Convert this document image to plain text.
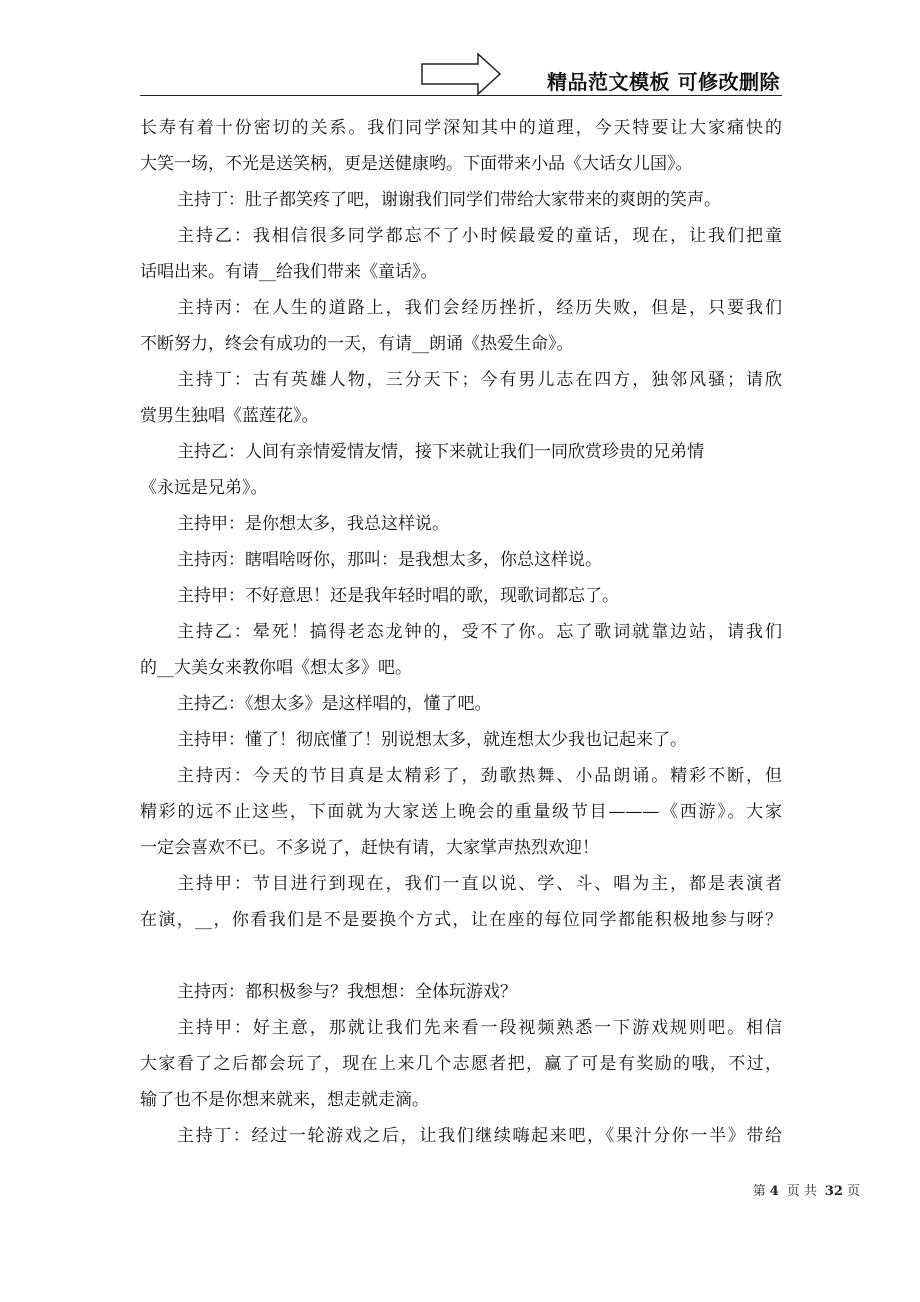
精品范文模板 可修改删除
长寿有着十份密切的关系。我们同学深知其中的道理，今天特要让大家痛快的
大笑一场，不光是送笑柄，更是送健康哟。下面带来小品《大话女儿国》。
主持丁：肚子都笑疼了吧，谢谢我们同学们带给大家带来的爽朗的笑声。
主持乙：我相信很多同学都忘不了小时候最爱的童话，现在，让我们把童
话唱出来。有请__给我们带来《童话》。
主持丙：在人生的道路上，我们会经历挫折，经历失败，但是，只要我们
不断努力，终会有成功的一天，有请__朗诵《热爱生命》。
主持丁：古有英雄人物，三分天下；今有男儿志在四方，独邻风骚；请欣
赏男生独唱《蓝莲花》。
主持乙：人间有亲情爱情友情，接下来就让我们一同欣赏珍贵的兄弟情
《永远是兄弟》。
主持甲：是你想太多，我总这样说。
主持丙：瞎唱啥呀你，那叫：是我想太多，你总这样说。
主持甲：不好意思！还是我年轻时唱的歌，现歌词都忘了。
主持乙：晕死！搞得老态龙钟的，受不了你。忘了歌词就靠边站，请我们
的__大美女来教你唱《想太多》吧。
主持乙：《想太多》是这样唱的，懂了吧。
主持甲：懂了！彻底懂了！别说想太多，就连想太少我也记起来了。
主持丙：今天的节目真是太精彩了，劲歌热舞、小品朗诵。精彩不断，但
精彩的远不止这些，下面就为大家送上晚会的重量级节目———《西游》。大家
一定会喜欢不已。不多说了，赶快有请，大家掌声热烈欢迎！
主持甲：节目进行到现在，我们一直以说、学、斗、唱为主，都是表演者
在演，__，你看我们是不是要换个方式，让在座的每位同学都能积极地参与呀？
主持丙：都积极参与？我想想：全体玩游戏？
主持甲：好主意，那就让我们先来看一段视频熟悉一下游戏规则吧。相信
大家看了之后都会玩了，现在上来几个志愿者把，赢了可是有奖励的哦，不过，
输了也不是你想来就来，想走就走滴。
主持丁：经过一轮游戏之后，让我们继续嗨起来吧，《果汁分你一半》带给
第 4 页 共 32 页
